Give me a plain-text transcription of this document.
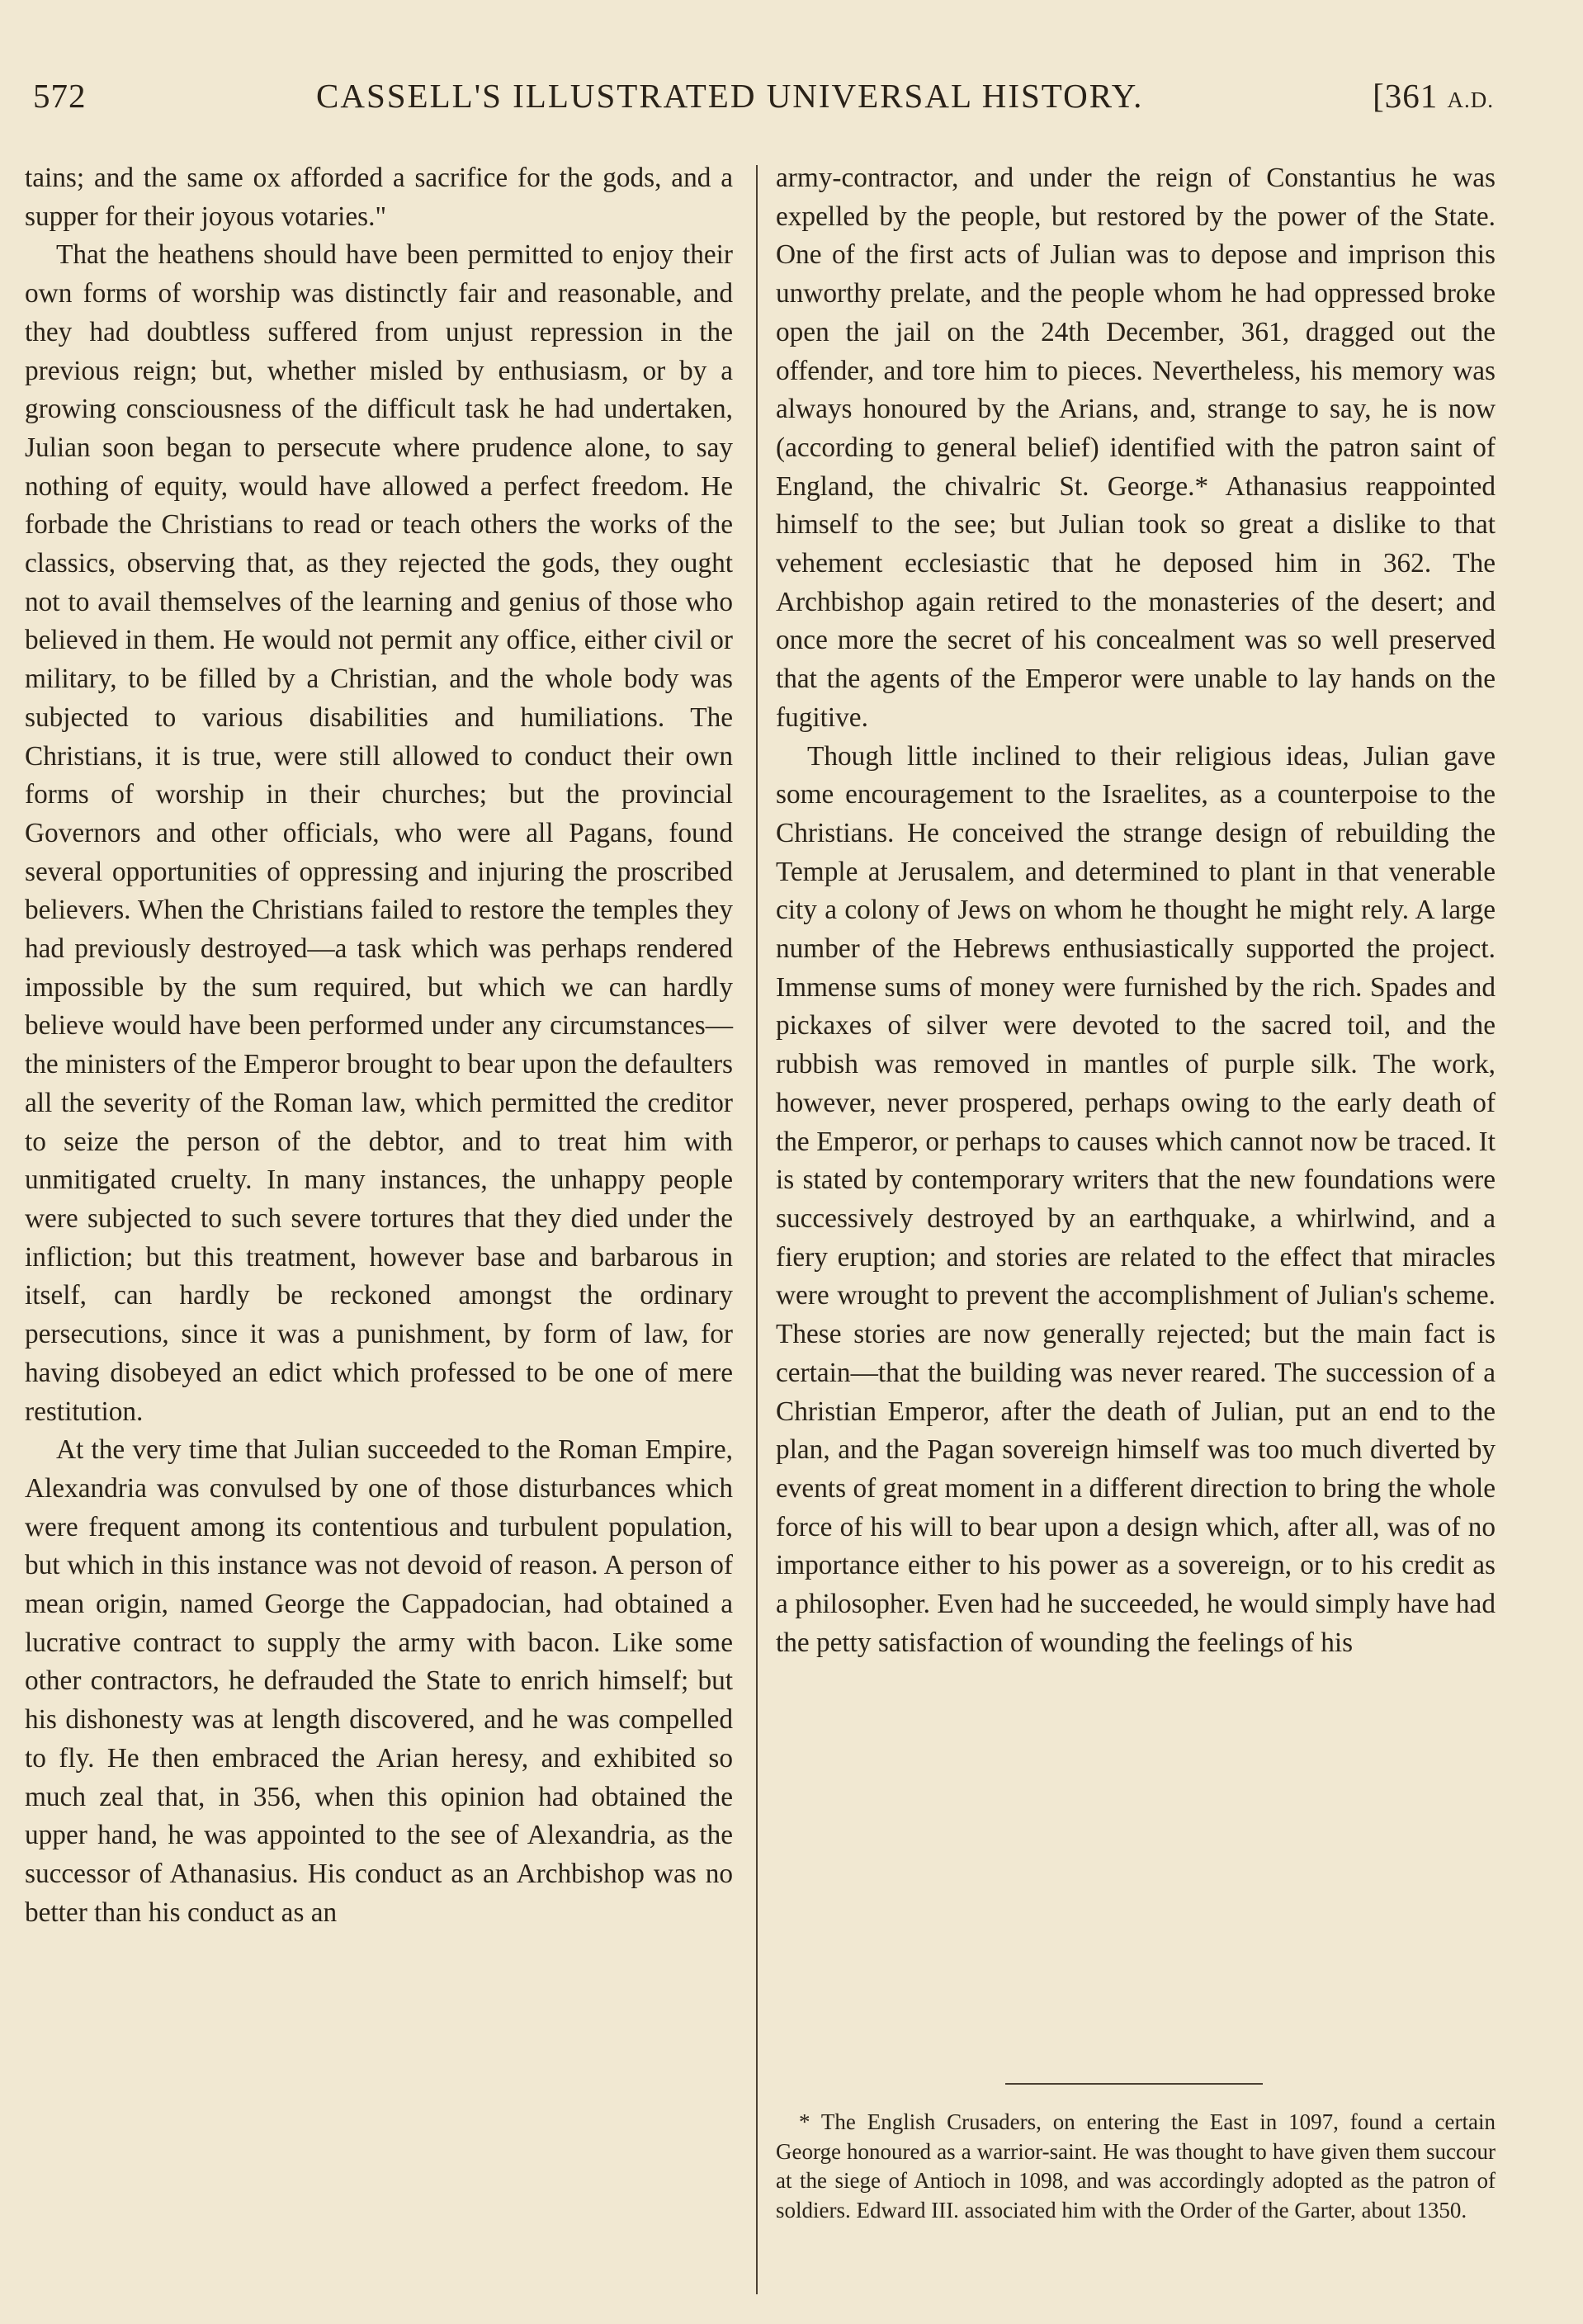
572	CASSELL'S ILLUSTRATED UNIVERSAL HISTORY.	[361 A.D.

tains; and the same ox afforded a sacrifice for the gods, and a supper for their joyous votaries."

That the heathens should have been permitted to enjoy their own forms of worship was distinctly fair and reasonable, and they had doubtless suffered from unjust repression in the previous reign; but, whether misled by enthusiasm, or by a growing consciousness of the difficult task he had undertaken, Julian soon began to persecute where prudence alone, to say nothing of equity, would have allowed a perfect freedom. He forbade the Christians to read or teach others the works of the classics, observing that, as they rejected the gods, they ought not to avail themselves of the learning and genius of those who believed in them. He would not permit any office, either civil or military, to be filled by a Christian, and the whole body was subjected to various disabilities and humiliations. The Christians, it is true, were still allowed to conduct their own forms of worship in their churches; but the provincial Governors and other officials, who were all Pagans, found several opportunities of oppressing and injuring the proscribed believers. When the Christians failed to restore the temples they had previously destroyed—a task which was perhaps rendered impossible by the sum required, but which we can hardly believe would have been performed under any circumstances—the ministers of the Emperor brought to bear upon the defaulters all the severity of the Roman law, which permitted the creditor to seize the person of the debtor, and to treat him with unmitigated cruelty. In many instances, the unhappy people were subjected to such severe tortures that they died under the infliction; but this treatment, however base and barbarous in itself, can hardly be reckoned amongst the ordinary persecutions, since it was a punishment, by form of law, for having disobeyed an edict which professed to be one of mere restitution.

At the very time that Julian succeeded to the Roman Empire, Alexandria was convulsed by one of those disturbances which were frequent among its contentious and turbulent population, but which in this instance was not devoid of reason. A person of mean origin, named George the Cappadocian, had obtained a lucrative contract to supply the army with bacon. Like some other contractors, he defrauded the State to enrich himself; but his dishonesty was at length discovered, and he was compelled to fly. He then embraced the Arian heresy, and exhibited so much zeal that, in 356, when this opinion had obtained the upper hand, he was appointed to the see of Alexandria, as the successor of Athanasius. His conduct as an Archbishop was no better than his conduct as an

army-contractor, and under the reign of Constantius he was expelled by the people, but restored by the power of the State. One of the first acts of Julian was to depose and imprison this unworthy prelate, and the people whom he had oppressed broke open the jail on the 24th December, 361, dragged out the offender, and tore him to pieces. Nevertheless, his memory was always honoured by the Arians, and, strange to say, he is now (according to general belief) identified with the patron saint of England, the chivalric St. George.* Athanasius reappointed himself to the see; but Julian took so great a dislike to that vehement ecclesiastic that he deposed him in 362. The Archbishop again retired to the monasteries of the desert; and once more the secret of his concealment was so well preserved that the agents of the Emperor were unable to lay hands on the fugitive.

Though little inclined to their religious ideas, Julian gave some encouragement to the Israelites, as a counterpoise to the Christians. He conceived the strange design of rebuilding the Temple at Jerusalem, and determined to plant in that venerable city a colony of Jews on whom he thought he might rely. A large number of the Hebrews enthusiastically supported the project. Immense sums of money were furnished by the rich. Spades and pickaxes of silver were devoted to the sacred toil, and the rubbish was removed in mantles of purple silk. The work, however, never prospered, perhaps owing to the early death of the Emperor, or perhaps to causes which cannot now be traced. It is stated by contemporary writers that the new foundations were successively destroyed by an earthquake, a whirlwind, and a fiery eruption; and stories are related to the effect that miracles were wrought to prevent the accomplishment of Julian's scheme. These stories are now generally rejected; but the main fact is certain—that the building was never reared. The succession of a Christian Emperor, after the death of Julian, put an end to the plan, and the Pagan sovereign himself was too much diverted by events of great moment in a different direction to bring the whole force of his will to bear upon a design which, after all, was of no importance either to his power as a sovereign, or to his credit as a philosopher. Even had he succeeded, he would simply have had the petty satisfaction of wounding the feelings of his

* The English Crusaders, on entering the East in 1097, found a certain George honoured as a warrior-saint. He was thought to have given them succour at the siege of Antioch in 1098, and was accordingly adopted as the patron of soldiers. Edward III. associated him with the Order of the Garter, about 1350.
